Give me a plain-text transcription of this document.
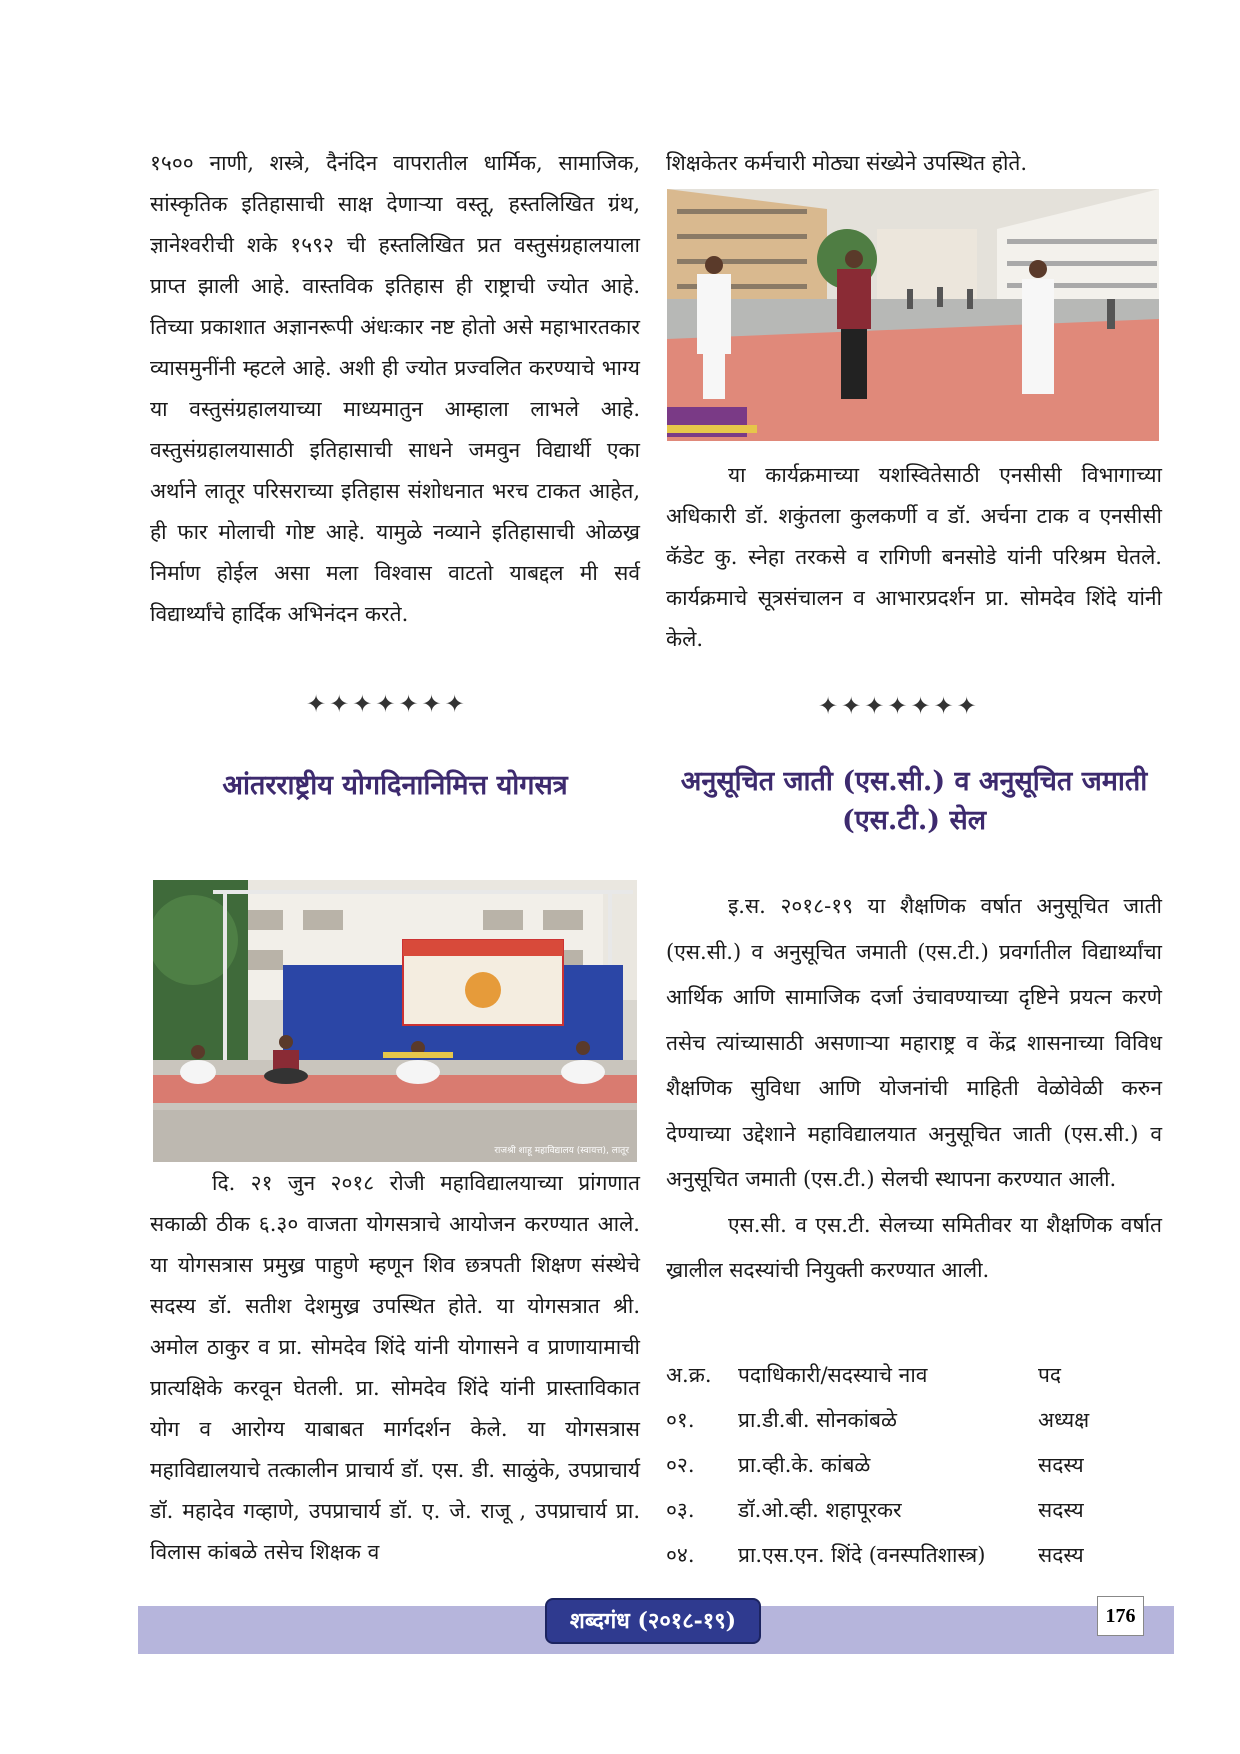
१५०० नाणी, शस्त्रे, दैनंदिन वापरातील धार्मिक, सामाजिक, सांस्कृतिक इतिहासाची साक्ष देणाऱ्या वस्तू, हस्तलिखित ग्रंथ, ज्ञानेश्वरीची शके १५९२ ची हस्तलिखित प्रत वस्तुसंग्रहालयाला प्राप्त झाली आहे. वास्तविक इतिहास ही राष्ट्राची ज्योत आहे. तिच्या प्रकाशात अज्ञानरूपी अंधःकार नष्ट होतो असे महाभारतकार व्यासमुनींनी म्हटले आहे. अशी ही ज्योत प्रज्वलित करण्याचे भाग्य या वस्तुसंग्रहालयाच्या माध्यमातुन आम्हाला लाभले आहे. वस्तुसंग्रहालयासाठी इतिहासाची साधने जमवुन विद्यार्थी एका अर्थाने लातूर परिसराच्या इतिहास संशोधनात भरच टाकत आहेत, ही फार मोलाची गोष्ट आहे. यामुळे नव्याने इतिहासाची ओळख्र निर्माण होईल असा मला विश्वास वाटतो याबद्दल मी सर्व विद्यार्थ्यांचे हार्दिक अभिनंदन करते.

✦✦✦✦✦✦✦
आंतरराष्ट्रीय योगदिनानिमित्त योगसत्र
राजश्री शाहू महाविद्यालय (स्वायत्त), लातूर

दि. २१ जुन २०१८ रोजी महाविद्यालयाच्या प्रांगणात सकाळी ठीक ६.३० वाजता योगसत्राचे आयोजन करण्यात आले. या योगसत्रास प्रमुख्र पाहुणे म्हणून शिव छत्रपती शिक्षण संस्थेचे सदस्य डॉ. सतीश देशमुख्र उपस्थित होते. या योगसत्रात श्री. अमोल ठाकुर व प्रा. सोमदेव शिंदे यांनी योगासने व प्राणायामाची प्रात्यक्षिके करवून घेतली. प्रा. सोमदेव शिंदे यांनी प्रास्ताविकात योग व आरोग्य याबाबत मार्गदर्शन केले. या योगसत्रास महाविद्यालयाचे तत्कालीन प्राचार्य डॉ. एस. डी. साळुंके, उपप्राचार्य डॉ. महादेव गव्हाणे, उपप्राचार्य डॉ. ए. जे. राजू , उपप्राचार्य प्रा. विलास कांबळे तसेच शिक्षक व

शिक्षकेतर कर्मचारी मोठ्या संख्येने उपस्थित होते.

या कार्यक्रमाच्या यशस्वितेसाठी एनसीसी विभागाच्या अधिकारी डॉ. शकुंतला कुलकर्णी व डॉ. अर्चना टाक व एनसीसी कॅडेट कु. स्नेहा तरकसे व रागिणी बनसोडे यांनी परिश्रम घेतले. कार्यक्रमाचे सूत्रसंचालन व आभारप्रदर्शन प्रा. सोमदेव शिंदे यांनी केले.

✦✦✦✦✦✦✦
अनुसूचित जाती (एस.सी.) व अनुसूचित जमाती (एस.टी.) सेल

इ.स. २०१८-१९ या शैक्षणिक वर्षात अनुसूचित जाती (एस.सी.) व अनुसूचित जमाती (एस.टी.) प्रवर्गातील विद्यार्थ्यांचा आर्थिक आणि सामाजिक दर्जा उंचावण्याच्या दृष्टिने प्रयत्न करणे तसेच त्यांच्यासाठी असणाऱ्या महाराष्ट्र व केंद्र शासनाच्या विविध शैक्षणिक सुविधा आणि योजनांची माहिती वेळोवेळी करुन देण्याच्या उद्देशाने महाविद्यालयात अनुसूचित जाती (एस.सी.) व अनुसूचित जमाती (एस.टी.) सेलची स्थापना करण्यात आली.

एस.सी. व एस.टी. सेलच्या समितीवर या शैक्षणिक वर्षात ख्रालील सदस्यांची नियुक्ती करण्यात आली.

अ.क्र.	पदाधिकारी/सदस्याचे नाव	पद
०१.	प्रा.डी.बी. सोनकांबळे	अध्यक्ष
०२.	प्रा.व्ही.के. कांबळे	सदस्य
०३.	डॉ.ओ.व्ही. शहापूरकर	सदस्य
०४.	प्रा.एस.एन. शिंदे (वनस्पतिशास्त्र)	सदस्य
शब्दगंध (२०१८-१९)	176
